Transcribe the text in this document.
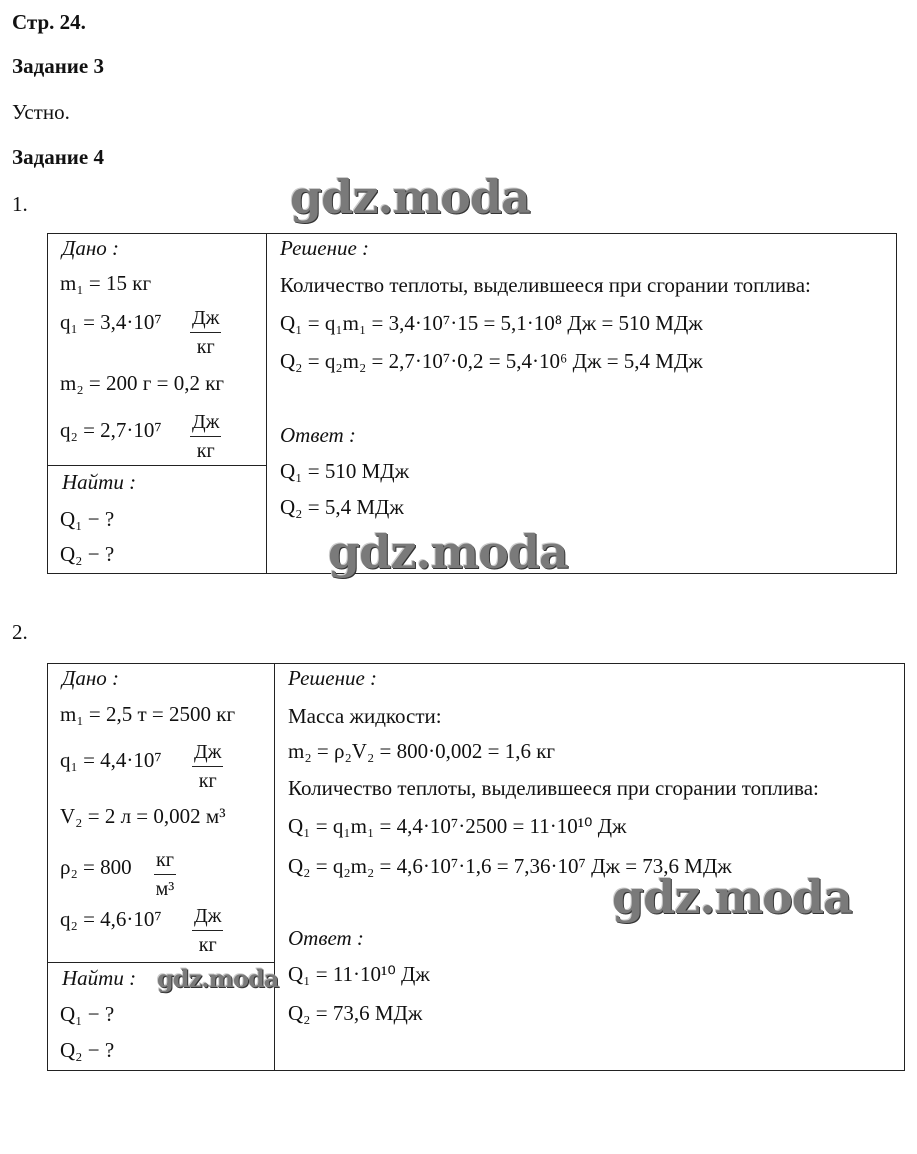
Стр. 24.
Задание 3
Устно.
Задание 4
1.
Дано :
m₁ = 15 кг
q₁ = 3,4·10⁷ Дж
кг
m₂ = 200 г = 0,2 кг
q₂ = 2,7·10⁷ Дж
кг
Найти :
Q₁ − ?
Q₂ − ?
Решение :
Количество теплоты, выделившееся при сгорании топлива:
Q₁ = q₁m₁ = 3,4·10⁷·15 = 5,1·10⁸ Дж = 510 МДж
Q₂ = q₂m₂ = 2,7·10⁷·0,2 = 5,4·10⁶ Дж = 5,4 МДж
Ответ :
Q₁ = 510 МДж
Q₂ = 5,4 МДж
gdz.moda
gdz.moda
2.
Дано :
m₁ = 2,5 т = 2500 кг
q₁ = 4,4·10⁷ Дж
кг
V₂ = 2 л = 0,002 м³
ρ₂ = 800 кг
м³
q₂ = 4,6·10⁷ Дж
кг
Найти :
Q₁ − ?
Q₂ − ?
Решение :
Масса жидкости:
m₂ = ρ₂V₂ = 800·0,002 = 1,6 кг
Количество теплоты, выделившееся при сгорании топлива:
Q₁ = q₁m₁ = 4,4·10⁷·2500 = 11·10¹⁰ Дж
Q₂ = q₂m₂ = 4,6·10⁷·1,6 = 7,36·10⁷ Дж = 73,6 МДж
Ответ :
Q₁ = 11·10¹⁰ Дж
Q₂ = 73,6 МДж
gdz.moda
gdz.moda
